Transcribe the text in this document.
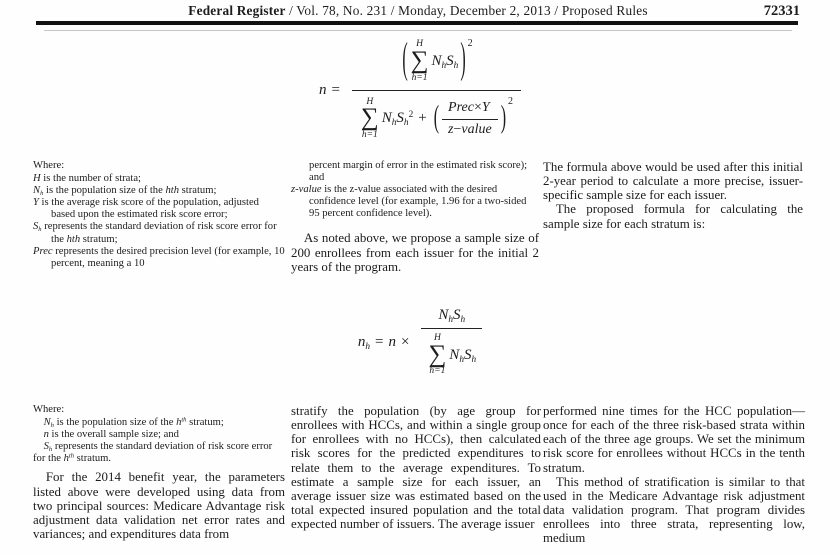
Federal Register / Vol. 78, No. 231 / Monday, December 2, 2013 / Proposed Rules	72331
n =
( H
∑
h=1
$N_hS_h$ ) 2
H
∑
h=1
$N_hS_h^2$ + ( $\frac{\text{Prec×Y}}{\text{z−value}}$ ) 2

Where:

H is the number of strata;

$N_h$ is the population size of the hth stratum;

Y is the average risk score of the population, adjusted based upon the estimated risk score error;

$S_h$ represents the standard deviation of risk score error for the hth stratum;

Prec represents the desired precision level (for example, 10 percent, meaning a 10

percent margin of error in the estimated risk score); and

z-value is the z-value associated with the desired confidence level (for example, 1.96 for a two-sided 95 percent confidence level).

As noted above, we propose a sample size of 200 enrollees from each issuer for the initial 2 years of the program.

The formula above would be used after this initial 2-year period to calculate a more precise, issuer-specific sample size for each issuer.

The proposed formula for calculating the sample size for each stratum is:

$n_h = n \times N_hS_h$
H
∑
h=1
$N_hS_h$

Where:

$N_h$ is the population size of the $h^{th}$ stratum;

n is the overall sample size; and

$S_h$ represents the standard deviation of risk score error for the $h^{th}$ stratum.

For the 2014 benefit year, the parameters listed above were developed using data from two principal sources: Medicare Advantage risk adjustment data validation net error rates and variances; and expenditures data from

stratify the population (by age group for enrollees with HCCs, and within a single group for enrollees with no HCCs), then calculated risk scores for the predicted expenditures to relate them to the average expenditures. To estimate a sample size for each issuer, an average issuer size was estimated based on the total expected insured population and the total expected number of issuers. The average issuer

performed nine times for the HCC population—once for each of the three risk-based strata within each of the three age groups. We set the minimum risk score for enrollees without HCCs in the tenth stratum.

This method of stratification is similar to that used in the Medicare Advantage risk adjustment data validation program. That program divides enrollees into three strata, representing low, medium
